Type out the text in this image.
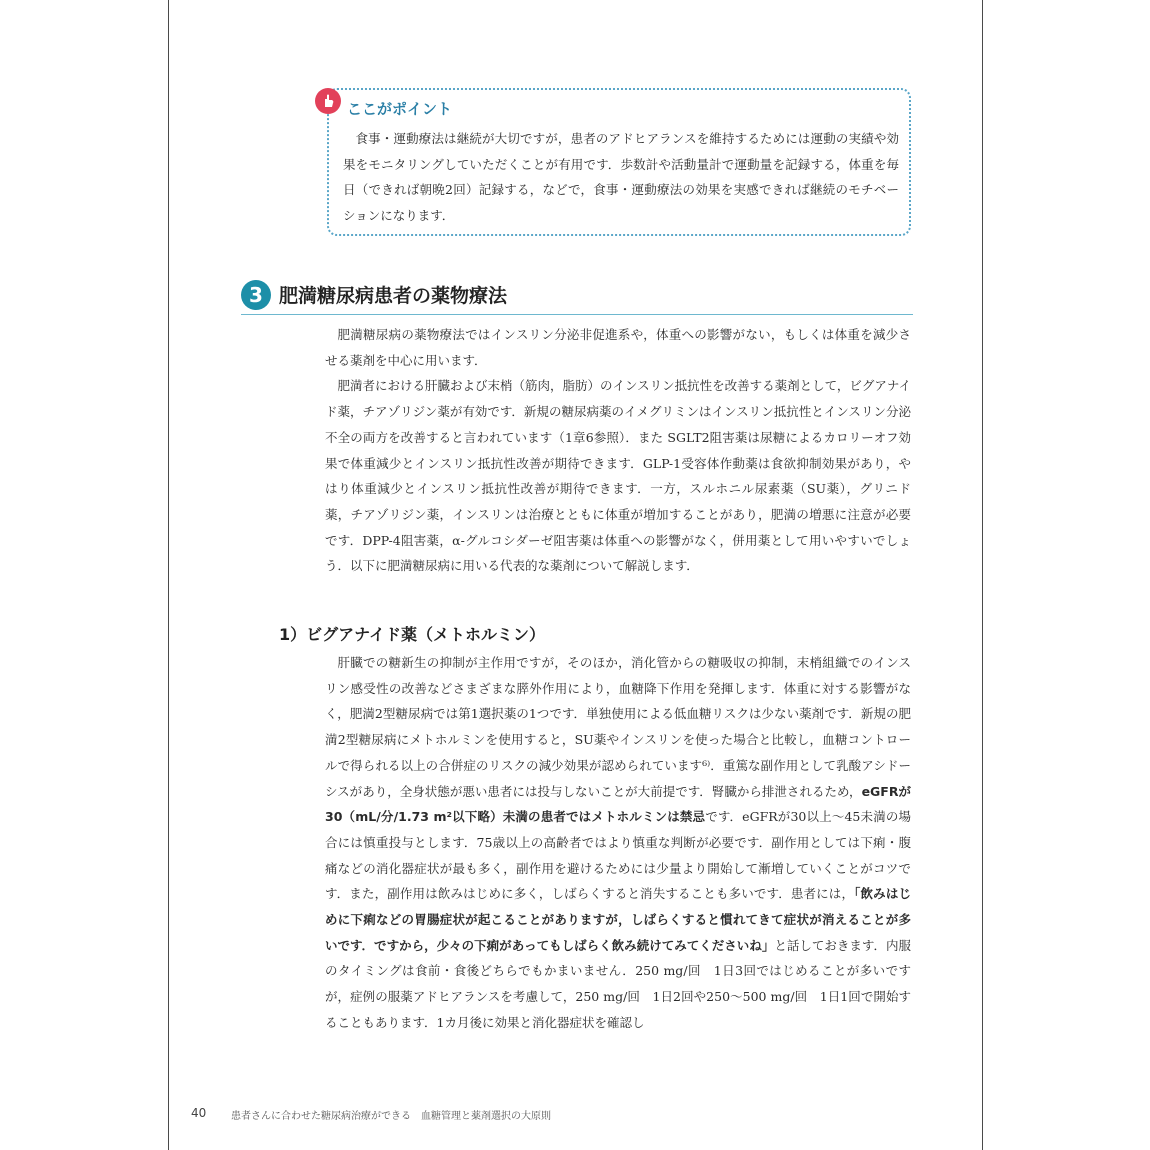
ここがポイント

食事・運動療法は継続が大切ですが，患者のアドヒアランスを維持するためには運動の実績や効果をモニタリングしていただくことが有用です．歩数計や活動量計で運動量を記録する，体重を毎日（できれば朝晩2回）記録する，などで，食事・運動療法の効果を実感できれば継続のモチベーションになります．

3 肥満糖尿病患者の薬物療法

肥満糖尿病の薬物療法ではインスリン分泌非促進系や，体重への影響がない，もしくは体重を減少させる薬剤を中心に用います．

肥満者における肝臓および末梢（筋肉，脂肪）のインスリン抵抗性を改善する薬剤として，ビグアナイド薬，チアゾリジン薬が有効です．新規の糖尿病薬のイメグリミンはインスリン抵抗性とインスリン分泌不全の両方を改善すると言われています（1章6参照）．また SGLT2阻害薬は尿糖によるカロリーオフ効果で体重減少とインスリン抵抗性改善が期待できます．GLP-1受容体作動薬は食欲抑制効果があり，やはり体重減少とインスリン抵抗性改善が期待できます．一方，スルホニル尿素薬（SU薬），グリニド薬，チアゾリジン薬，インスリンは治療とともに体重が増加することがあり，肥満の増悪に注意が必要です．DPP-4阻害薬，α-グルコシダーゼ阻害薬は体重への影響がなく，併用薬として用いやすいでしょう．以下に肥満糖尿病に用いる代表的な薬剤について解説します．

1）ビグアナイド薬（メトホルミン）

肝臓での糖新生の抑制が主作用ですが，そのほか，消化管からの糖吸収の抑制，末梢組織でのインスリン感受性の改善などさまざまな膵外作用により，血糖降下作用を発揮します．体重に対する影響がなく，肥満2型糖尿病では第1選択薬の1つです．単独使用による低血糖リスクは少ない薬剤です．新規の肥満2型糖尿病にメトホルミンを使用すると，SU薬やインスリンを使った場合と比較し，血糖コントロールで得られる以上の合併症のリスクの減少効果が認められています⁶⁾．重篤な副作用として乳酸アシドーシスがあり，全身状態が悪い患者には投与しないことが大前提です．腎臓から排泄されるため，eGFRが30（mL/分/1.73 m²以下略）未満の患者ではメトホルミンは禁忌です．eGFRが30以上～45未満の場合には慎重投与とします．75歳以上の高齢者ではより慎重な判断が必要です．副作用としては下痢・腹痛などの消化器症状が最も多く，副作用を避けるためには少量より開始して漸増していくことがコツです．また，副作用は飲みはじめに多く，しばらくすると消失することも多いです．患者には，「飲みはじめに下痢などの胃腸症状が起こることがありますが，しばらくすると慣れてきて症状が消えることが多いです．ですから，少々の下痢があってもしばらく飲み続けてみてくださいね」と話しておきます．内服のタイミングは食前・食後どちらでもかまいません．250 mg/回　1日3回ではじめることが多いですが，症例の服薬アドヒアランスを考慮して，250 mg/回　1日2回や250～500 mg/回　1日1回で開始することもあります．1カ月後に効果と消化器症状を確認し

40 患者さんに合わせた糖尿病治療ができる　血糖管理と薬剤選択の大原則
